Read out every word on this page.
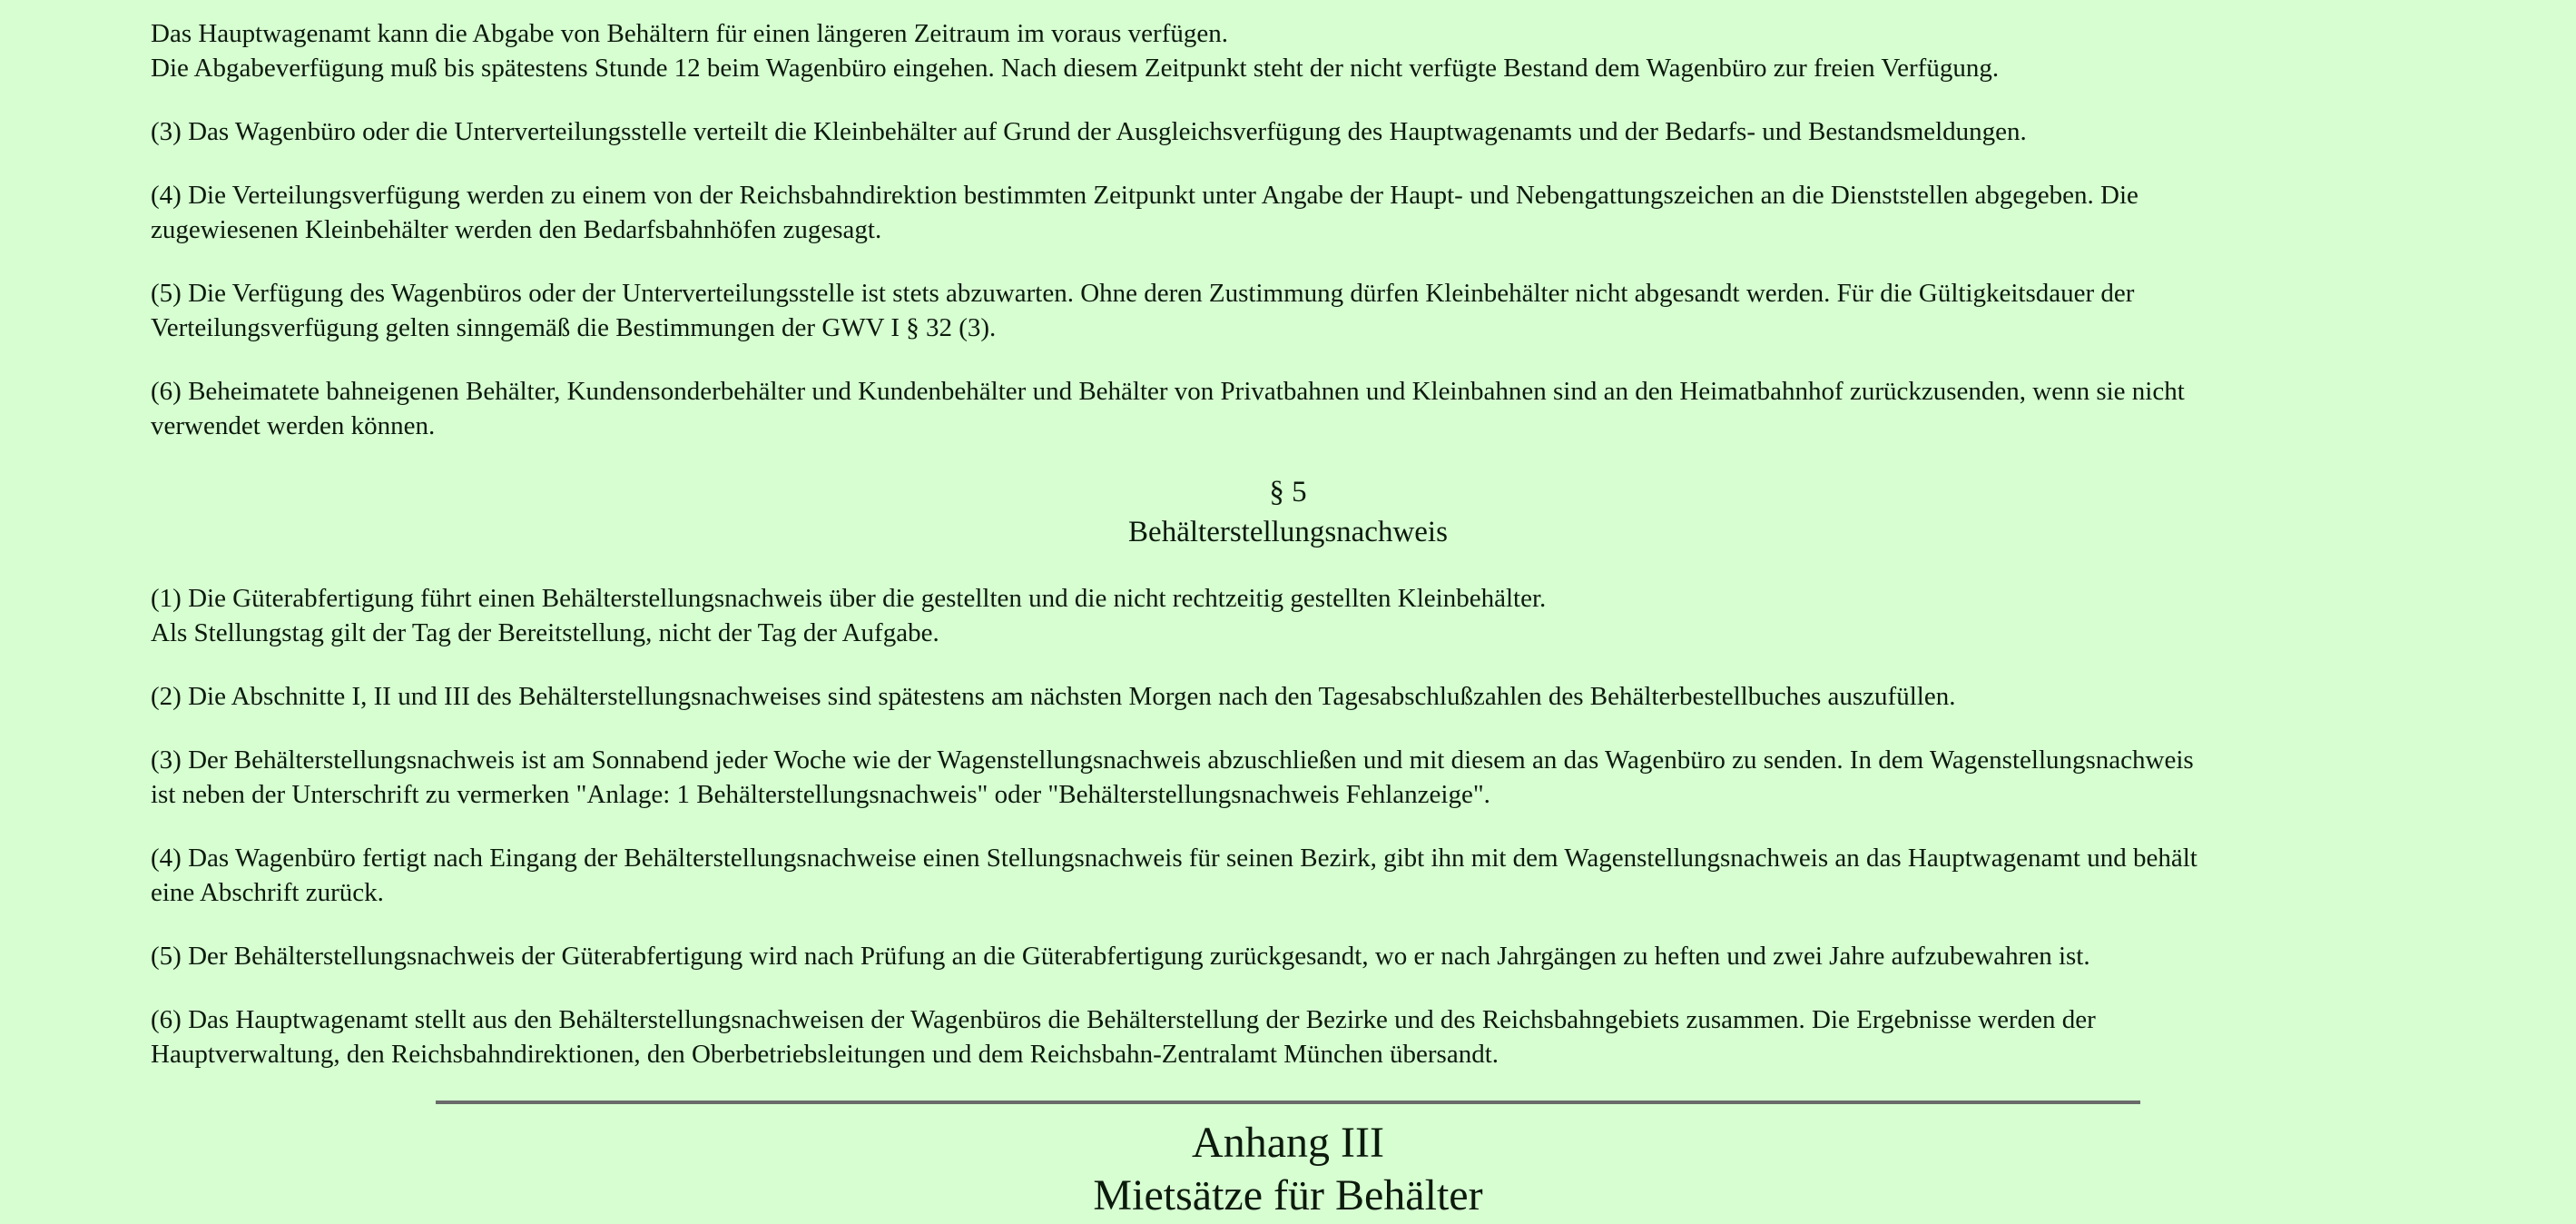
Das Hauptwagenamt kann die Abgabe von Behältern für einen längeren Zeitraum im voraus verfügen.
Die Abgabeverfügung muß bis spätestens Stunde 12 beim Wagenbüro eingehen. Nach diesem Zeitpunkt steht der nicht verfügte Bestand dem Wagenbüro zur freien Verfügung.

(3) Das Wagenbüro oder die Unterverteilungsstelle verteilt die Kleinbehälter auf Grund der Ausgleichsverfügung des Hauptwagenamts und der Bedarfs- und Bestandsmeldungen.

(4) Die Verteilungsverfügung werden zu einem von der Reichsbahndirektion bestimmten Zeitpunkt unter Angabe der Haupt- und Nebengattungszeichen an die Dienststellen abgegeben. Die
zugewiesenen Kleinbehälter werden den Bedarfsbahnhöfen zugesagt.

(5) Die Verfügung des Wagenbüros oder der Unterverteilungsstelle ist stets abzuwarten. Ohne deren Zustimmung dürfen Kleinbehälter nicht abgesandt werden. Für die Gültigkeitsdauer der
Verteilungsverfügung gelten sinngemäß die Bestimmungen der GWV I § 32 (3).

(6) Beheimatete bahneigenen Behälter, Kundensonderbehälter und Kundenbehälter und Behälter von Privatbahnen und Kleinbahnen sind an den Heimatbahnhof zurückzusenden, wenn sie nicht
verwendet werden können.

§ 5
Behälterstellungsnachweis

(1) Die Güterabfertigung führt einen Behälterstellungsnachweis über die gestellten und die nicht rechtzeitig gestellten Kleinbehälter.
Als Stellungstag gilt der Tag der Bereitstellung, nicht der Tag der Aufgabe.

(2) Die Abschnitte I, II und III des Behälterstellungsnachweises sind spätestens am nächsten Morgen nach den Tagesabschlußzahlen des Behälterbestellbuches auszufüllen.

(3) Der Behälterstellungsnachweis ist am Sonnabend jeder Woche wie der Wagenstellungsnachweis abzuschließen und mit diesem an das Wagenbüro zu senden. In dem Wagenstellungsnachweis
ist neben der Unterschrift zu vermerken "Anlage: 1 Behälterstellungsnachweis" oder "Behälterstellungsnachweis Fehlanzeige".

(4) Das Wagenbüro fertigt nach Eingang der Behälterstellungsnachweise einen Stellungsnachweis für seinen Bezirk, gibt ihn mit dem Wagenstellungsnachweis an das Hauptwagenamt und behält
eine Abschrift zurück.

(5) Der Behälterstellungsnachweis der Güterabfertigung wird nach Prüfung an die Güterabfertigung zurückgesandt, wo er nach Jahrgängen zu heften und zwei Jahre aufzubewahren ist.

(6) Das Hauptwagenamt stellt aus den Behälterstellungsnachweisen der Wagenbüros die Behälterstellung der Bezirke und des Reichsbahngebiets zusammen. Die Ergebnisse werden der
Hauptverwaltung, den Reichsbahndirektionen, den Oberbetriebsleitungen und dem Reichsbahn-Zentralamt München übersandt.

Anhang III
Mietsätze für Behälter
